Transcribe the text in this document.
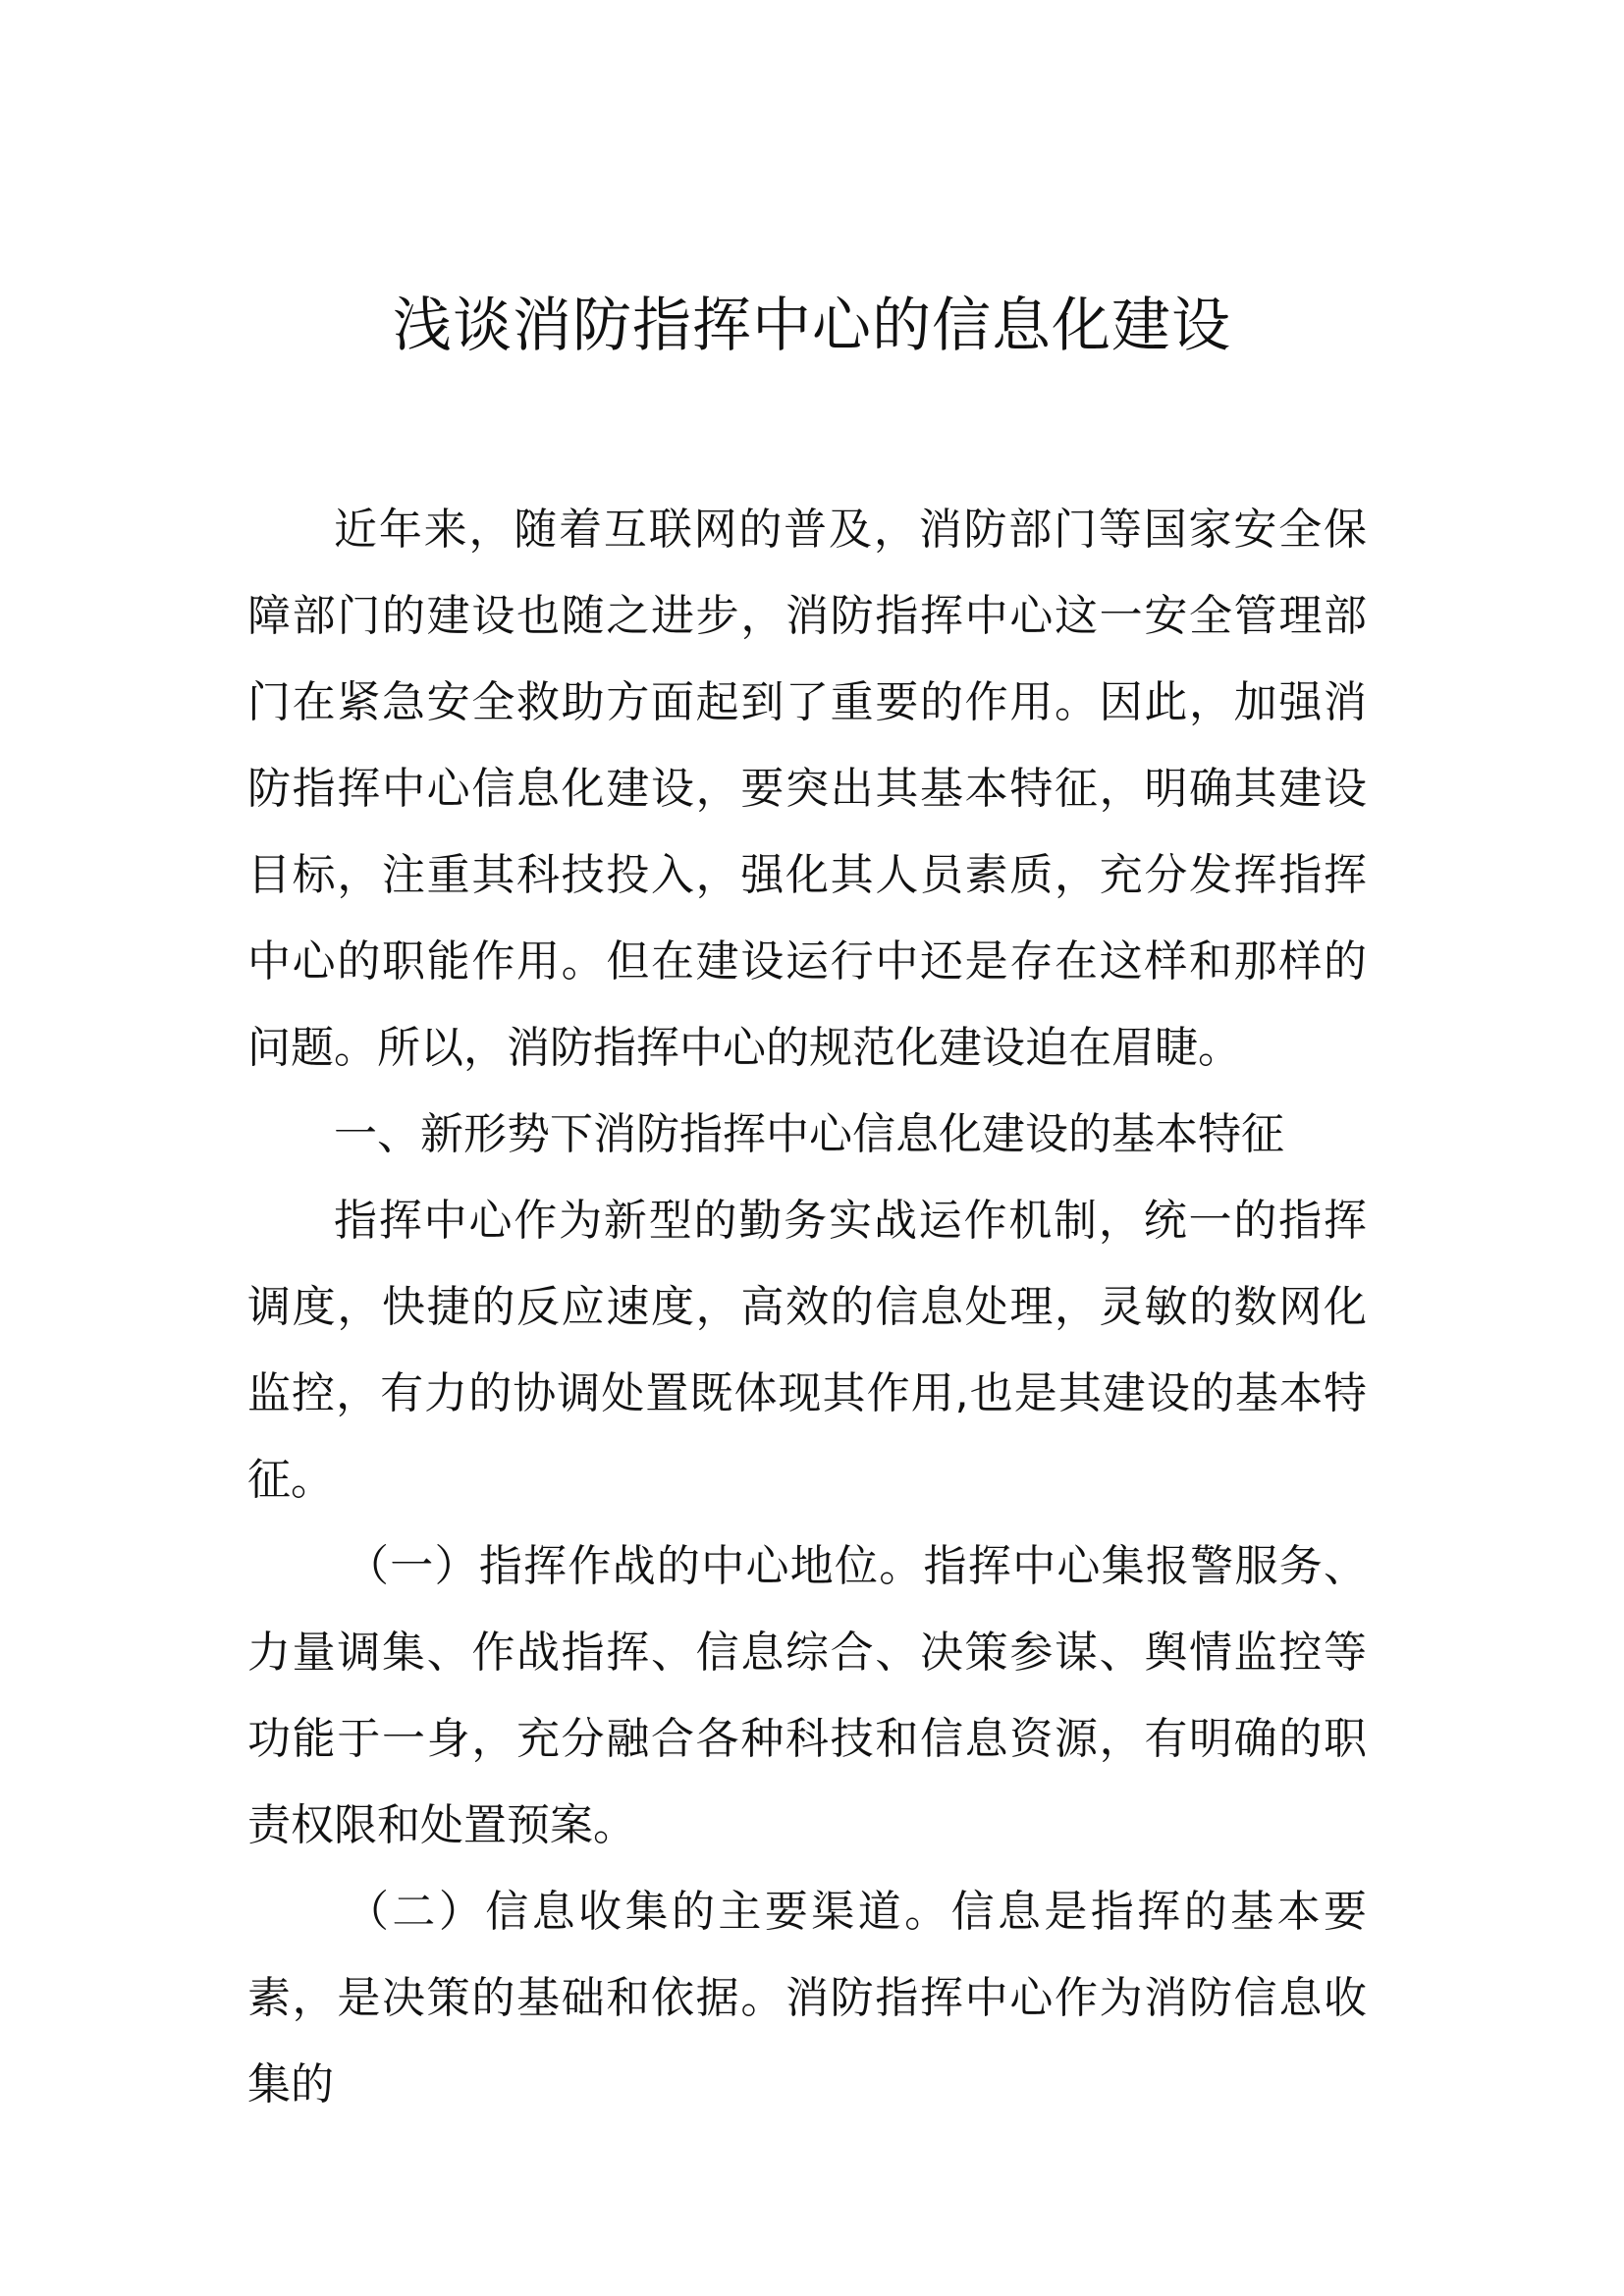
浅谈消防指挥中心的信息化建设

近年来，随着互联网的普及，消防部门等国家安全保障部门的建设也随之进步，消防指挥中心这一安全管理部门在紧急安全救助方面起到了重要的作用。因此，加强消防指挥中心信息化建设，要突出其基本特征，明确其建设目标，注重其科技投入，强化其人员素质，充分发挥指挥中心的职能作用。但在建设运行中还是存在这样和那样的问题。所以，消防指挥中心的规范化建设迫在眉睫。

一、新形势下消防指挥中心信息化建设的基本特征

指挥中心作为新型的勤务实战运作机制，统一的指挥调度，快捷的反应速度，高效的信息处理，灵敏的数网化监控，有力的协调处置既体现其作用,也是其建设的基本特征。

（一）指挥作战的中心地位。指挥中心集报警服务、力量调集、作战指挥、信息综合、决策参谋、舆情监控等功能于一身，充分融合各种科技和信息资源，有明确的职责权限和处置预案。

（二）信息收集的主要渠道。信息是指挥的基本要素，是决策的基础和依据。消防指挥中心作为消防信息收集的
